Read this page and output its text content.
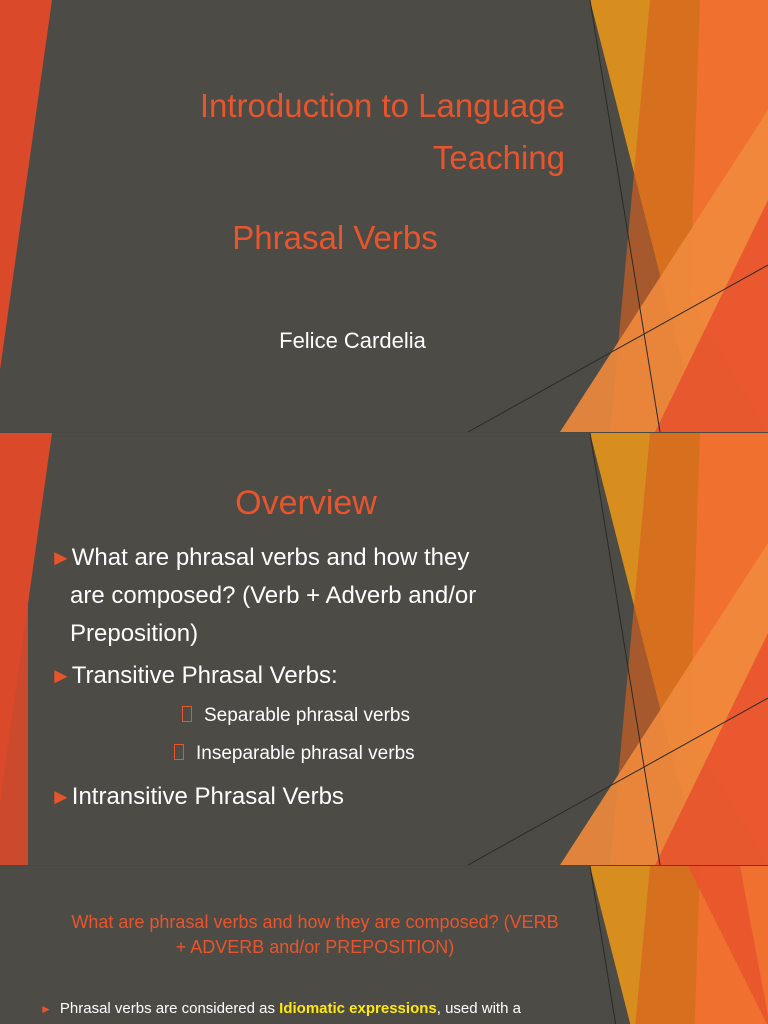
Introduction to Language
Teaching

Phrasal Verbs

Felice Cardelia

Overview

►What are phrasal verbs and how they
are composed? (Verb + Adverb and/or
Preposition)
►Transitive Phrasal Verbs:
Separable phrasal verbs
Inseparable phrasal verbs
►Intransitive Phrasal Verbs

What are phrasal verbs and how they are composed? (VERB
+ ADVERB and/or PREPOSITION)

► Phrasal verbs are considered as Idiomatic expressions, used with a
